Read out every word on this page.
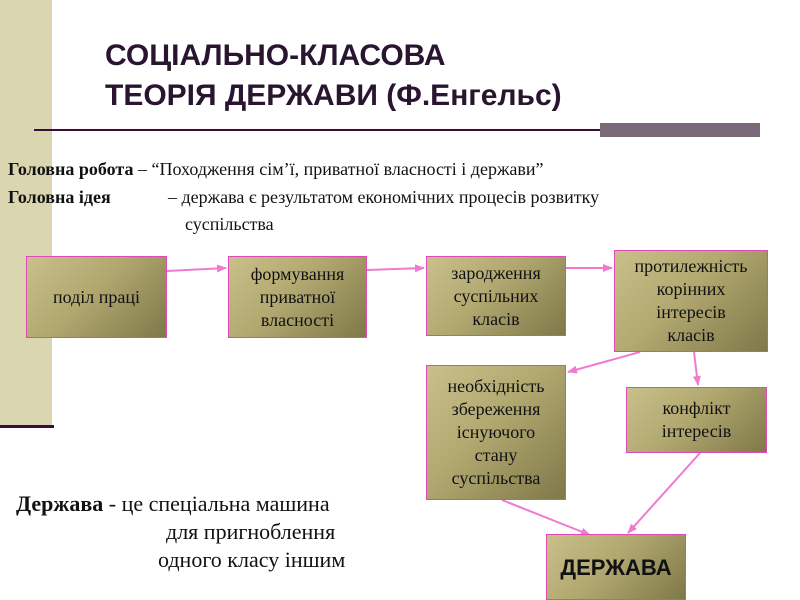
СОЦІАЛЬНО-КЛАСОВА
ТЕОРІЯ ДЕРЖАВИ (Ф.Енгельс)
Головна робота – “Походження сім’ї, приватної власності і держави”
Головна ідея	– держава є результатом економічних процесів розвитку
суспільства
поділ праці
формування
приватної
власності
зародження
суспільних
класів
протилежність
корінних
інтересів
класів
необхідність
збереження
існуючого
стану
суспільства
конфлікт
інтересів
ДЕРЖАВА
Держава - це спеціальна машина
для пригноблення
одного класу іншим
